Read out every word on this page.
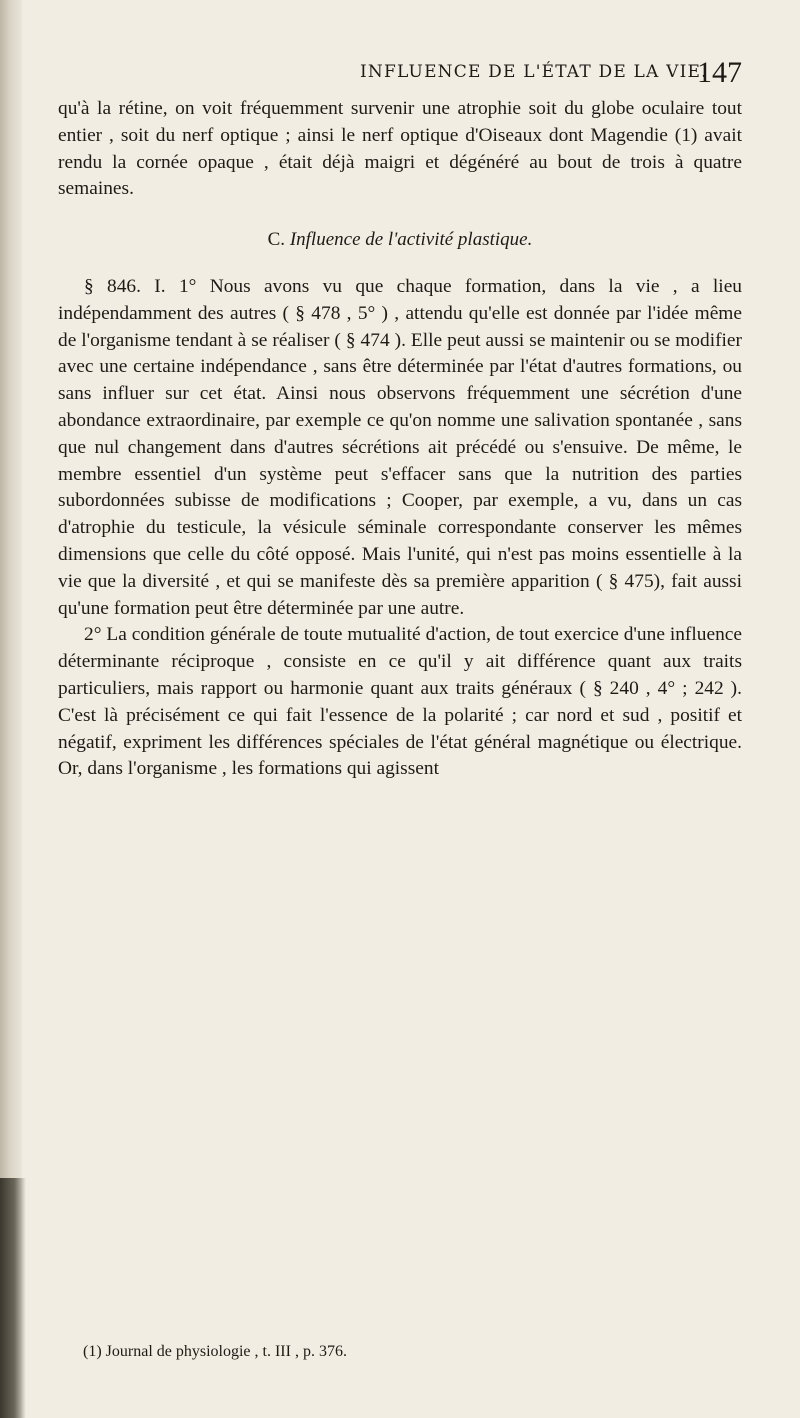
INFLUENCE DE L'ÉTAT DE LA VIE.
147

qu'à la rétine, on voit fréquemment survenir une atrophie soit du globe oculaire tout entier , soit du nerf optique ; ainsi le nerf optique d'Oiseaux dont Magendie (1) avait rendu la cornée opaque , était déjà maigri et dégénéré au bout de trois à quatre semaines.

C. Influence de l'activité plastique.

§ 846. I. 1° Nous avons vu que chaque formation, dans la vie , a lieu indépendamment des autres ( § 478 , 5° ) , attendu qu'elle est donnée par l'idée même de l'organisme tendant à se réaliser ( § 474 ). Elle peut aussi se maintenir ou se modifier avec une certaine indépendance , sans être déterminée par l'état d'autres formations, ou sans influer sur cet état. Ainsi nous observons fréquemment une sécrétion d'une abondance extraordinaire, par exemple ce qu'on nomme une salivation spontanée , sans que nul changement dans d'autres sécrétions ait précédé ou s'ensuive. De même, le membre essentiel d'un système peut s'effacer sans que la nutrition des parties subordonnées subisse de modifications ; Cooper, par exemple, a vu, dans un cas d'atrophie du testicule, la vésicule séminale correspondante conserver les mêmes dimensions que celle du côté opposé. Mais l'unité, qui n'est pas moins essentielle à la vie que la diversité , et qui se manifeste dès sa première apparition ( § 475), fait aussi qu'une formation peut être déterminée par une autre.

2° La condition générale de toute mutualité d'action, de tout exercice d'une influence déterminante réciproque , consiste en ce qu'il y ait différence quant aux traits particuliers, mais rapport ou harmonie quant aux traits généraux ( § 240 , 4° ; 242 ). C'est là précisément ce qui fait l'essence de la polarité ; car nord et sud , positif et négatif, expriment les différences spéciales de l'état général magnétique ou électrique. Or, dans l'organisme , les formations qui agissent

(1) Journal de physiologie , t. III , p. 376.
